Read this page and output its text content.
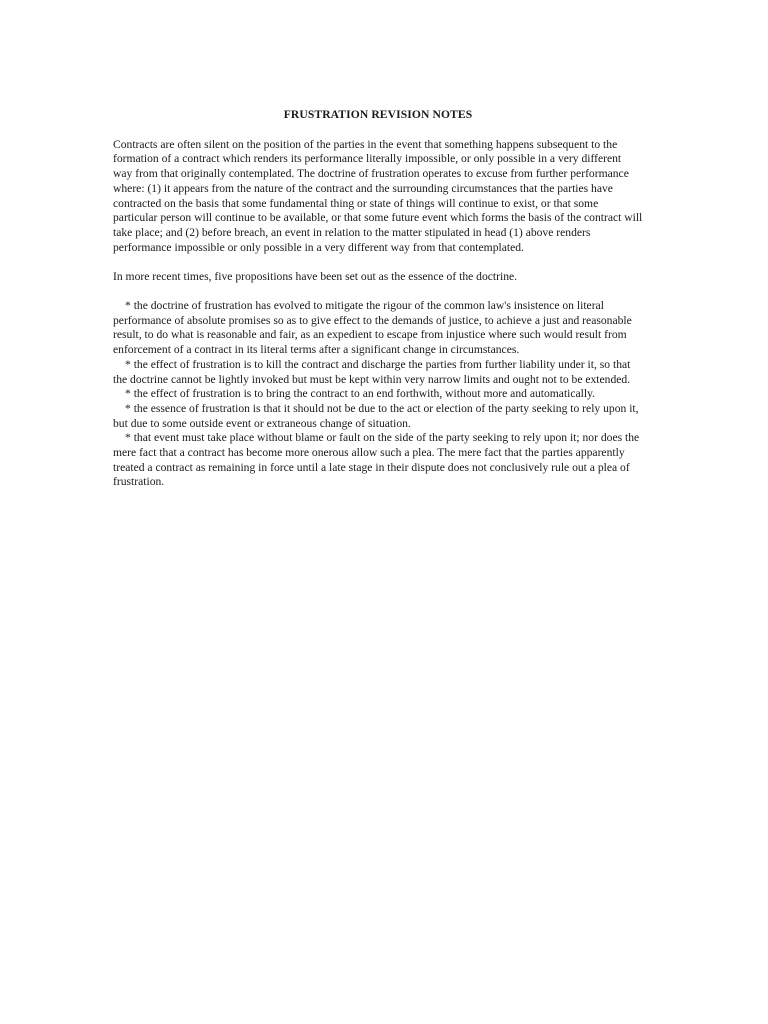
FRUSTRATION REVISION NOTES

Contracts are often silent on the position of the parties in the event that something happens subsequent to the formation of a contract which renders its performance literally impossible, or only possible in a very different way from that originally contemplated. The doctrine of frustration operates to excuse from further performance where: (1) it appears from the nature of the contract and the surrounding circumstances that the parties have contracted on the basis that some fundamental thing or state of things will continue to exist, or that some particular person will continue to be available, or that some future event which forms the basis of the contract will take place; and (2) before breach, an event in relation to the matter stipulated in head (1) above renders performance impossible or only possible in a very different way from that contemplated.

In more recent times, five propositions have been set out as the essence of the doctrine.

* the doctrine of frustration has evolved to mitigate the rigour of the common law's insistence on literal performance of absolute promises so as to give effect to the demands of justice, to achieve a just and reasonable result, to do what is reasonable and fair, as an expedient to escape from injustice where such would result from enforcement of a contract in its literal terms after a significant change in circumstances.

* the effect of frustration is to kill the contract and discharge the parties from further liability under it, so that the doctrine cannot be lightly invoked but must be kept within very narrow limits and ought not to be extended.

* the effect of frustration is to bring the contract to an end forthwith, without more and automatically.

* the essence of frustration is that it should not be due to the act or election of the party seeking to rely upon it, but due to some outside event or extraneous change of situation.

* that event must take place without blame or fault on the side of the party seeking to rely upon it; nor does the mere fact that a contract has become more onerous allow such a plea. The mere fact that the parties apparently treated a contract as remaining in force until a late stage in their dispute does not conclusively rule out a plea of frustration.
